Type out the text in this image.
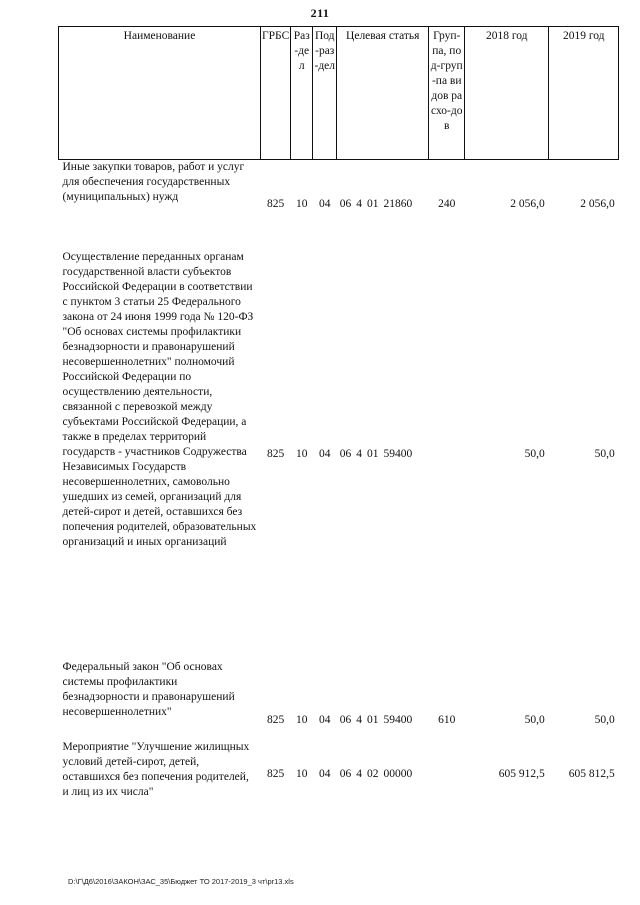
211
Наименование	ГРБС	Раз-дел	Под-раз-дел	Целевая статья	Груп-па, под-груп-па видов расхо-дов	2018 год	2019 год

Иные закупки товаров, работ и услуг для обеспечения государственных (муниципальных) нужд	825	10	04	06 4 01 21860	240	2 056,0	2 056,0

Осуществление переданных органам государственной власти субъектов Российской Федерации в соответствии с пунктом 3 статьи 25 Федерального закона от 24 июня 1999 года № 120-ФЗ "Об основах системы профилактики безнадзорности и правонарушений несовершеннолетних" полномочий Российской Федерации по осуществлению деятельности, связанной с перевозкой между субъектами Российской Федерации, а также в пределах территорий государств - участников Содружества Независимых Государств несовершеннолетних, самовольно ушедших из семей, организаций для детей-сирот и детей, оставшихся без попечения родителей, образовательных организаций и иных организаций	825	10	04	06 4 01 59400		50,0	50,0

Федеральный закон "Об основах системы профилактики безнадзорности и правонарушений несовершеннолетних"	825	10	04	06 4 01 59400	610	50,0	50,0

Мероприятие "Улучшение жилищных условий детей-сирот, детей, оставшихся без попечения родителей, и лиц из их числа"	825	10	04	06 4 02 00000		605 912,5	605 812,5
D:\Г\Д6\2016\ЗАКОН\ЗАС_35\Бюджет ТО 2017-2019_3 чт\pr13.xls
